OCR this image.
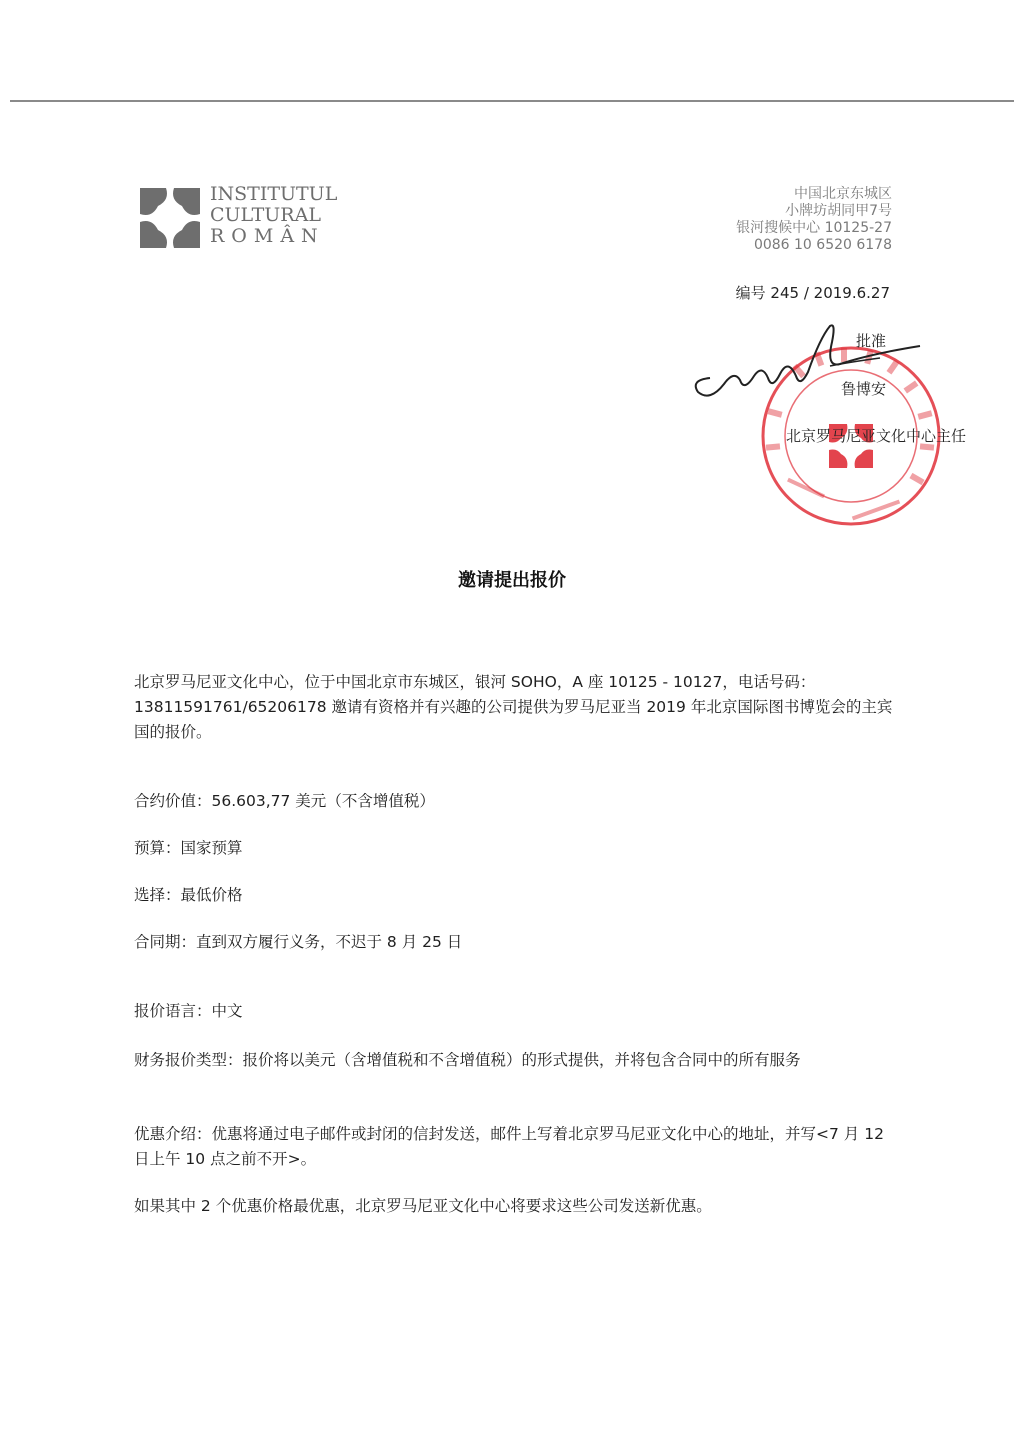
INSTITUTUL
CULTURAL
ROMÂN
中国北京东城区
小牌坊胡同甲7号
银河搜候中心 10125-27
0086 10 6520 6178
编号 245 / 2019.6.27
批准
鲁博安
北京罗马尼亚文化中心主任
邀请提出报价
北京罗马尼亚文化中心，位于中国北京市东城区，银河 SOHO，A 座 10125 - 10127，电话号码：13811591761/65206178 邀请有资格并有兴趣的公司提供为罗马尼亚当 2019 年北京国际图书博览会的主宾国的报价。
合约价值：56.603,77 美元（不含增值税）
预算：国家预算
选择：最低价格
合同期：直到双方履行义务，不迟于 8 月 25 日
报价语言：中文
财务报价类型：报价将以美元（含增值税和不含增值税）的形式提供，并将包含合同中的所有服务
优惠介绍：优惠将通过电子邮件或封闭的信封发送，邮件上写着北京罗马尼亚文化中心的地址，并写<7 月 12 日上午 10 点之前不开>。
如果其中 2 个优惠价格最优惠，北京罗马尼亚文化中心将要求这些公司发送新优惠。
